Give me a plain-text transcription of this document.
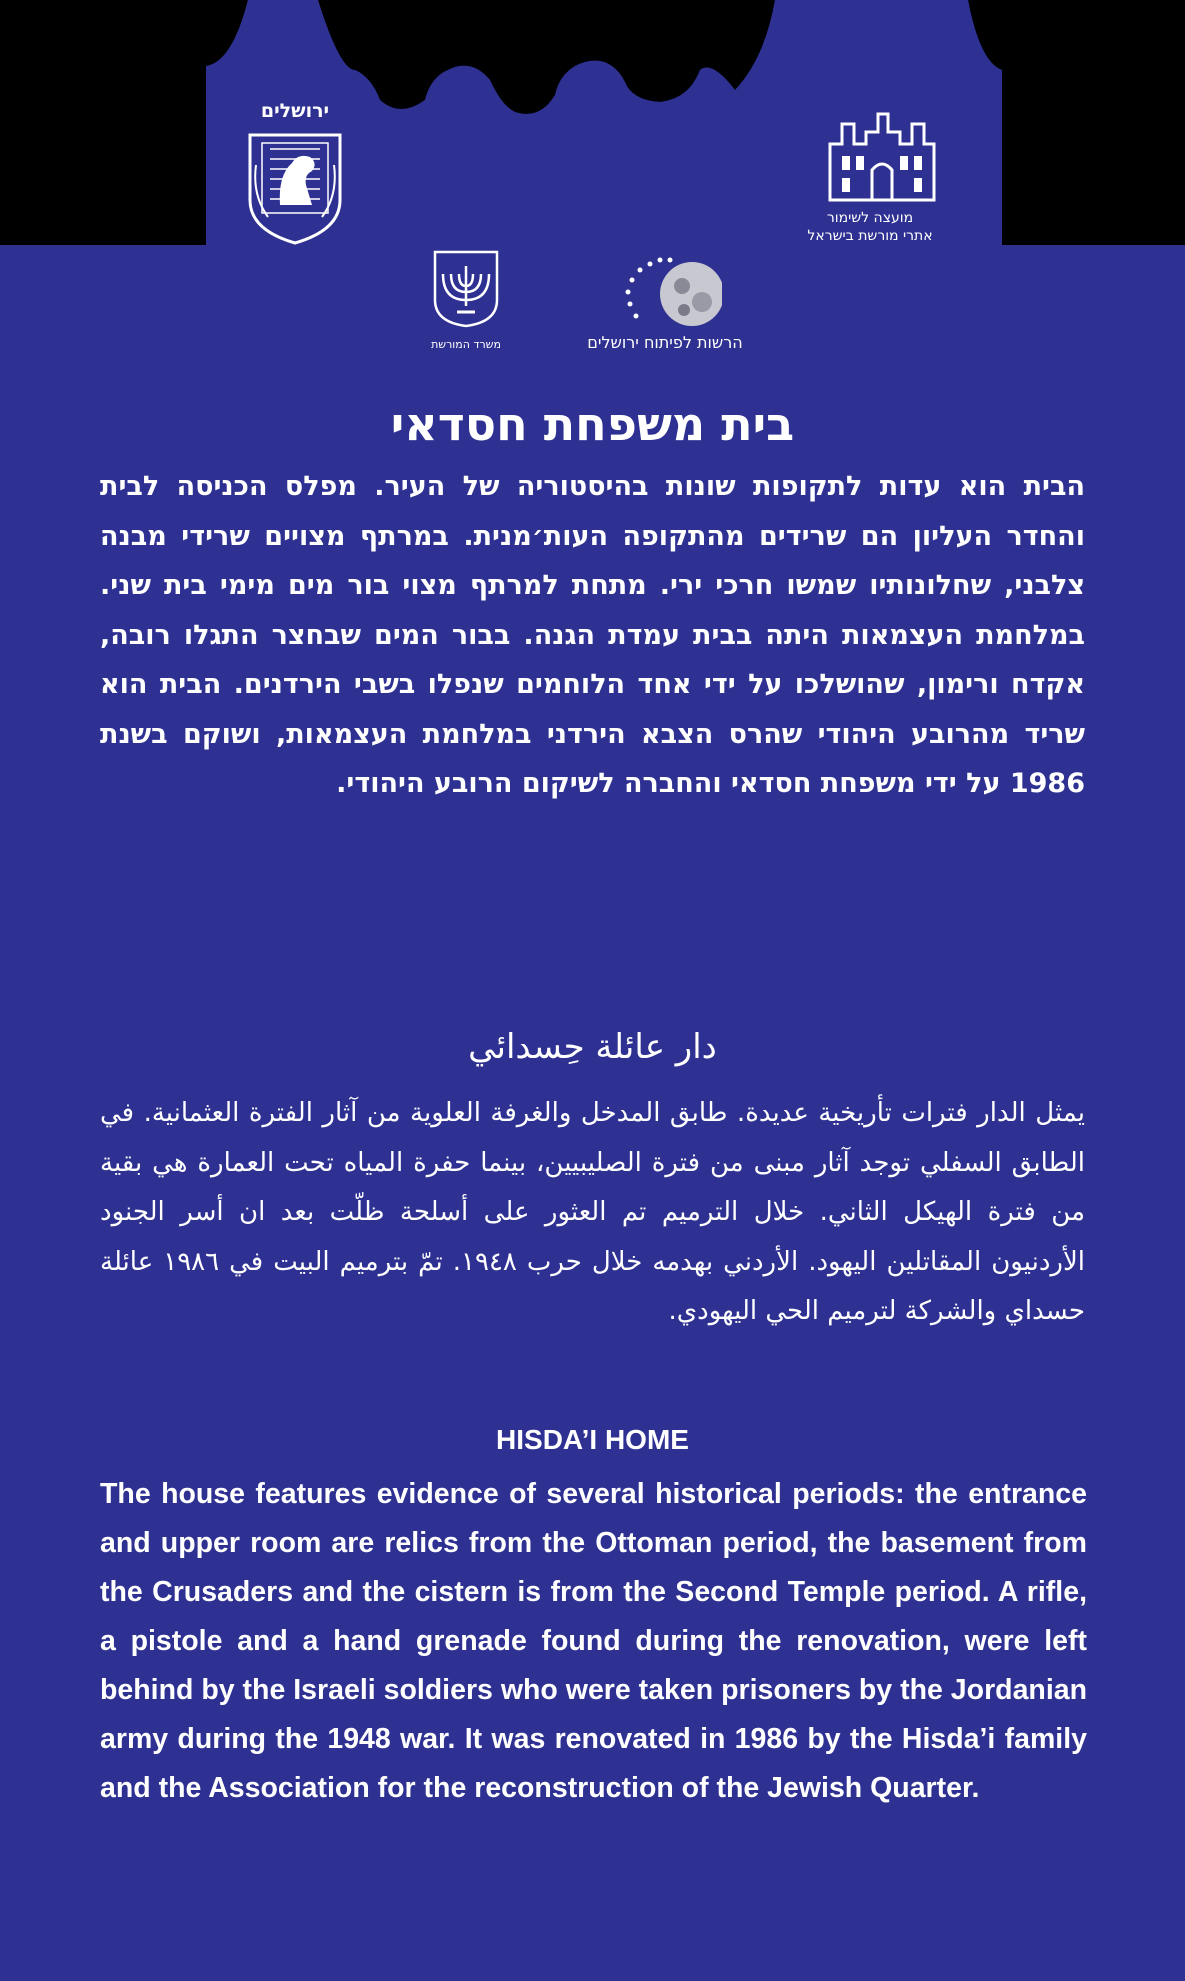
ירושלים
מועצה לשימור
אתרי מורשת בישראל
משרד המורשת	הרשות לפיתוח ירושלים
בית משפחת חסדאי
הבית הוא עדות לתקופות שונות בהיסטוריה של העיר. מפלס הכניסה לבית והחדר העליון הם שרידים מהתקופה העות׳מנית. במרתף מצויים שרידי מבנה צלבני, שחלונותיו שמשו חרכי ירי. מתחת למרתף מצוי בור מים מימי בית שני. במלחמת העצמאות היתה בבית עמדת הגנה. בבור המים שבחצר התגלו רובה, אקדח ורימון, שהושלכו על ידי אחד הלוחמים שנפלו בשבי הירדנים. הבית הוא שריד מהרובע היהודי שהרס הצבא הירדני במלחמת העצמאות, ושוקם בשנת 1986 על ידי משפחת חסדאי והחברה לשיקום הרובע היהודי.
دار عائلة حِسدائي
يمثل الدار فترات تأريخية عديدة. طابق المدخل والغرفة العلوية من آثار الفترة العثمانية. في الطابق السفلي توجد آثار مبنى من فترة الصليبيين، بينما حفرة المياه تحت العمارة هي بقية من فترة الهيكل الثاني. خلال الترميم تم العثور على أسلحة ظلّت بعد ان أسر الجنود الأردنيون المقاتلين اليهود. الأردني بهدمه خلال حرب ١٩٤٨. تمّ بترميم البيت في ١٩٨٦ عائلة حسداي والشركة لترميم الحي اليهودي.
HISDA’I HOME
The house features evidence of several historical periods: the entrance and upper room are relics from the Ottoman period, the basement from the Crusaders and the cistern is from the Second Temple period. A rifle, a pistole and a hand grenade found during the renovation, were left behind by the Israeli soldiers who were taken prisoners by the Jordanian army during the 1948 war. It was renovated in 1986 by the Hisda’i family and the Association for the reconstruction of the Jewish Quarter.
